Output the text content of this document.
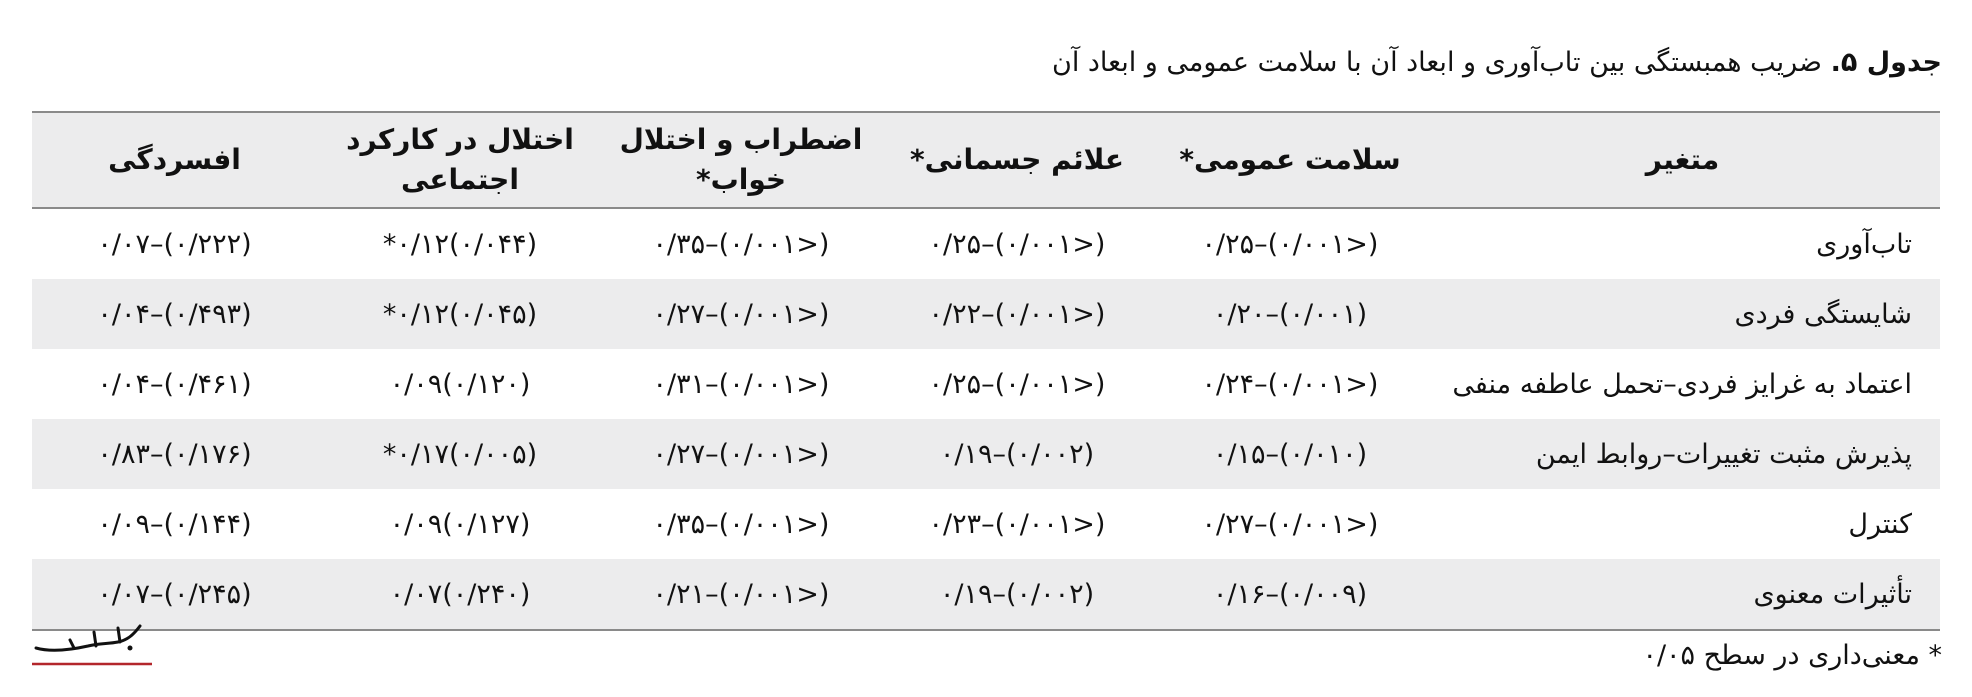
جدول ۵. ضریب همبستگی بین تاب‌آوری و ابعاد آن با سلامت عمومی و ابعاد آن
متغیر	سلامت عمومی*	علائم جسمانی*	اضطراب و اختلال خواب*	اختلال در کارکرد اجتماعی	افسردگی
تاب‌آوری	(<۰/۰۰۱)–۰/۲۵	(<۰/۰۰۱)–۰/۲۵	(<۰/۰۰۱)–۰/۳۵	(۰/۰۴۴)۰/۱۲*	(۰/۲۲۲)–۰/۰۷
شایستگی فردی	(۰/۰۰۱)–۰/۲۰	(<۰/۰۰۱)–۰/۲۲	(<۰/۰۰۱)–۰/۲۷	(۰/۰۴۵)۰/۱۲*	(۰/۴۹۳)–۰/۰۴
اعتماد به غرایز فردی–تحمل عاطفه منفی	(<۰/۰۰۱)–۰/۲۴	(<۰/۰۰۱)–۰/۲۵	(<۰/۰۰۱)–۰/۳۱	(۰/۱۲۰)۰/۰۹	(۰/۴۶۱)–۰/۰۴
پذیرش مثبت تغییرات–روابط ایمن	(۰/۰۱۰)–۰/۱۵	(۰/۰۰۲)–۰/۱۹	(<۰/۰۰۱)–۰/۲۷	(۰/۰۰۵)۰/۱۷*	(۰/۱۷۶)–۰/۸۳
کنترل	(<۰/۰۰۱)–۰/۲۷	(<۰/۰۰۱)–۰/۲۳	(<۰/۰۰۱)–۰/۳۵	(۰/۱۲۷)۰/۰۹	(۰/۱۴۴)–۰/۰۹
تأثیرات معنوی	(۰/۰۰۹)–۰/۱۶	(۰/۰۰۲)–۰/۱۹	(<۰/۰۰۱)–۰/۲۱	(۰/۲۴۰)۰/۰۷	(۰/۲۴۵)–۰/۰۷
* معنی‌داری در سطح ۰/۰۵
